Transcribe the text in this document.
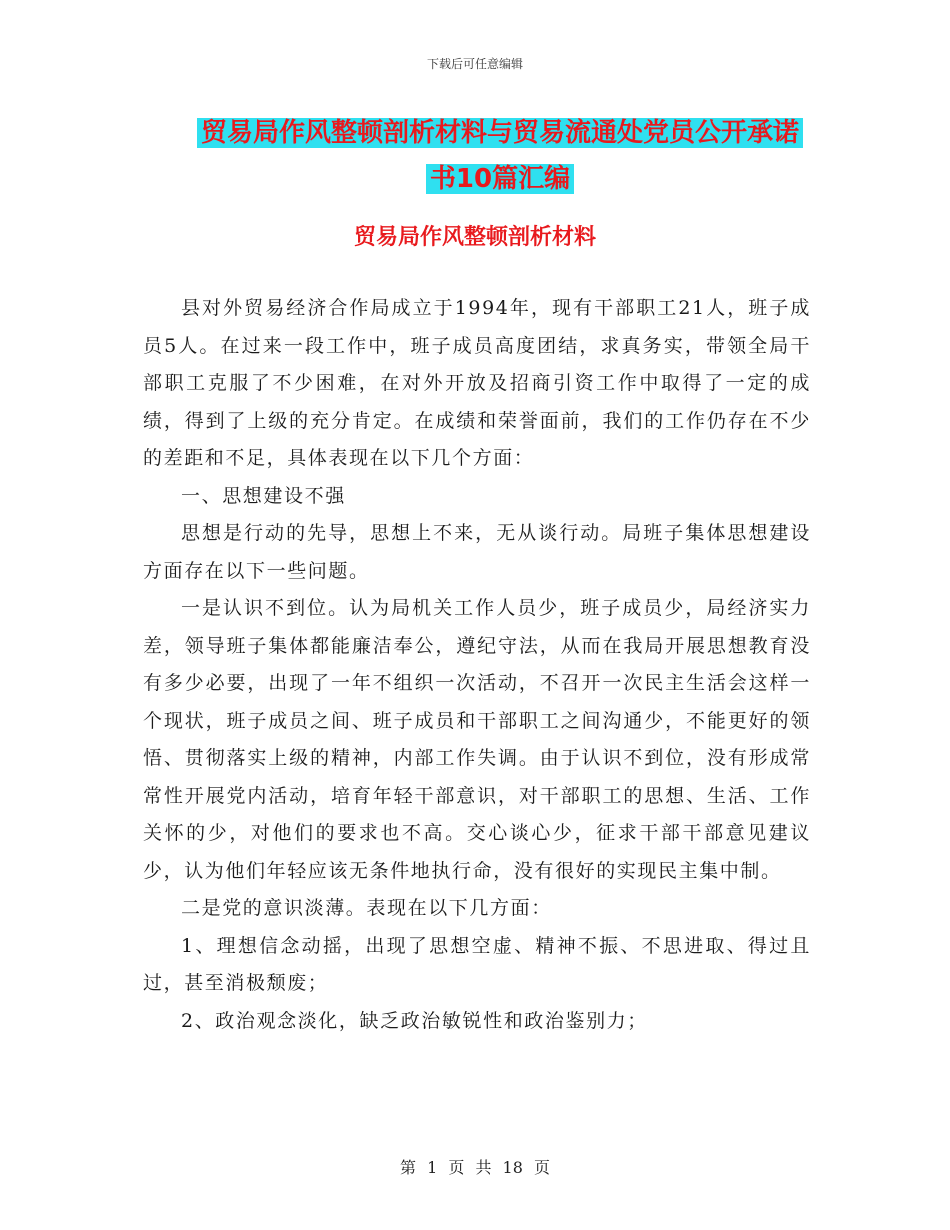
下载后可任意编辑
贸易局作风整顿剖析材料与贸易流通处党员公开承诺
书10篇汇编
贸易局作风整顿剖析材料

县对外贸易经济合作局成立于1994年，现有干部职工21人，班子成员5人。在过来一段工作中，班子成员高度团结，求真务实，带领全局干部职工克服了不少困难，在对外开放及招商引资工作中取得了一定的成绩，得到了上级的充分肯定。在成绩和荣誉面前，我们的工作仍存在不少的差距和不足，具体表现在以下几个方面：

一、思想建设不强

思想是行动的先导，思想上不来，无从谈行动。局班子集体思想建设方面存在以下一些问题。

一是认识不到位。认为局机关工作人员少，班子成员少，局经济实力差，领导班子集体都能廉洁奉公，遵纪守法，从而在我局开展思想教育没有多少必要，出现了一年不组织一次活动，不召开一次民主生活会这样一个现状，班子成员之间、班子成员和干部职工之间沟通少，不能更好的领悟、贯彻落实上级的精神，内部工作失调。由于认识不到位，没有形成常常性开展党内活动，培育年轻干部意识，对干部职工的思想、生活、工作关怀的少，对他们的要求也不高。交心谈心少，征求干部干部意见建议少，认为他们年轻应该无条件地执行命，没有很好的实现民主集中制。

二是党的意识淡薄。表现在以下几方面：

1、理想信念动摇，出现了思想空虚、精神不振、不思进取、得过且过，甚至消极颓废；

2、政治观念淡化，缺乏政治敏锐性和政治鉴别力；

第 1 页 共 18 页
